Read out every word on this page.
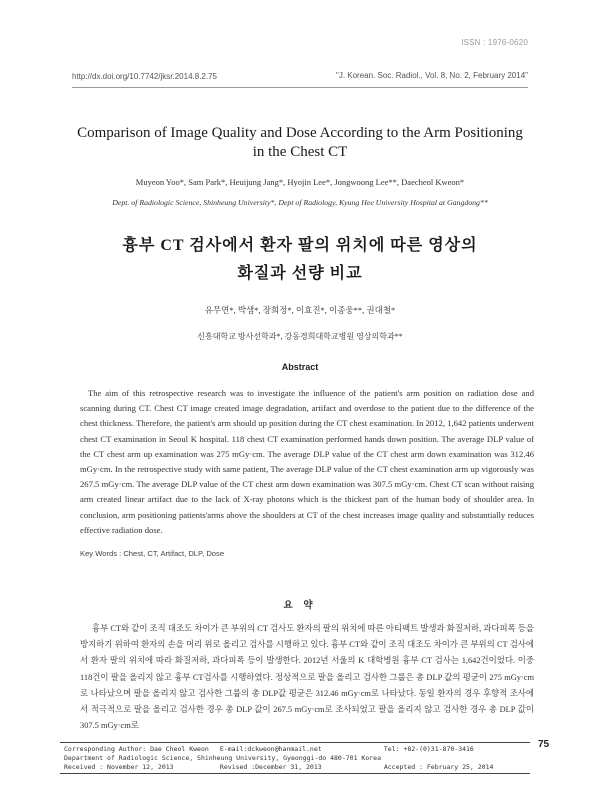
ISSN : 1976-0620
http://dx.doi.org/10.7742/jksr.2014.8.2.75	"J. Korean. Soc. Radiol., Vol. 8, No. 2, February 2014"
Comparison of Image Quality and Dose According to the Arm Positioning
in the Chest CT
Muyeon Yoo*, Sam Park*, Heuijung Jang*, Hyojin Lee*, Jongwoong Lee**, Daecheol Kweon*
Dept. of Radiologic Science, Shinheung University*, Dept of Radiology, Kyung Hee University Hospital at Gangdong**
흉부 CT 검사에서 환자 팔의 위치에 따른 영상의
화질과 선량 비교
유무연*, 박샘*, 장희정*, 이효진*, 이종웅**, 권대철*
신흥대학교 방사선학과*, 강동경희대학교병원 영상의학과**
Abstract
The aim of this retrospective research was to investigate the influence of the patient's arm position on radiation dose and scanning during CT. Chest CT image created image degradation, artifact and overdose to the patient due to the difference of the chest thickness. Therefore, the patient's arm should up position during the CT chest examination. In 2012, 1,642 patients underwent chest CT examination in Seoul K hospital. 118 chest CT examination performed hands down position. The average DLP value of the CT chest arm up examination was 275 mGy·cm. The average DLP value of the CT chest arm down examination was 312.46 mGy·cm. In the retrospective study with same patient, The average DLP value of the CT chest examination arm up vigorously was 267.5 mGy·cm. The average DLP value of the CT chest arm down examination was 307.5 mGy·cm. Chest CT scan without raising arm created linear artifact due to the lack of X-ray photons which is the thickest part of the human body of shoulder area. In conclusion, arm positioning patients'arms above the shoulders at CT of the chest increases image quality and substantially reduces effective radiation dose.
Key Words : Chest, CT, Artifact, DLP, Dose
요 약
흉부 CT와 같이 조직 대조도 차이가 큰 부위의 CT 검사도 환자의 팔의 위치에 따른 아티팩트 발생과 화질저하, 과다피폭 등을 방지하기 위하여 환자의 손을 머리 위로 올리고 검사를 시행하고 있다. 흉부 CT와 같이 조직 대조도 차이가 큰 부위의 CT 검사에서 환자 팔의 위치에 따라 화질저하, 과다피폭 등이 발생한다. 2012년 서울의 K 대학병원 흉부 CT 검사는 1,642건이었다. 이중 118건이 팔을 올리지 않고 흉부 CT검사를 시행하였다. 정상적으로 팔을 올리고 검사한 그룹은 총 DLP 값의 평균이 275 mGy·cm로 나타났으며 팔을 올리지 않고 검사한 그룹의 총 DLP값 평균은 312.46 mGy·cm로 나타났다. 동일 환자의 경우 후향적 조사에서 적극적으로 팔을 올리고 검사한 경우 총 DLP 값이 267.5 mGy·cm로 조사되었고 팔을 올리지 않고 검사한 경우 총 DLP 값이 307.5 mGy·cm로
Corresponding Author: Dae Cheol Kweon E-mail:dckweon@hanmail.net	Tel: +82-(0)31-870-3416
Department of Radiologic Science, Shinheung University, Gyeonggi-do 480-701 Korea
Received : November 12, 2013	Revised :December 31, 2013	Accepted : February 25, 2014
75
